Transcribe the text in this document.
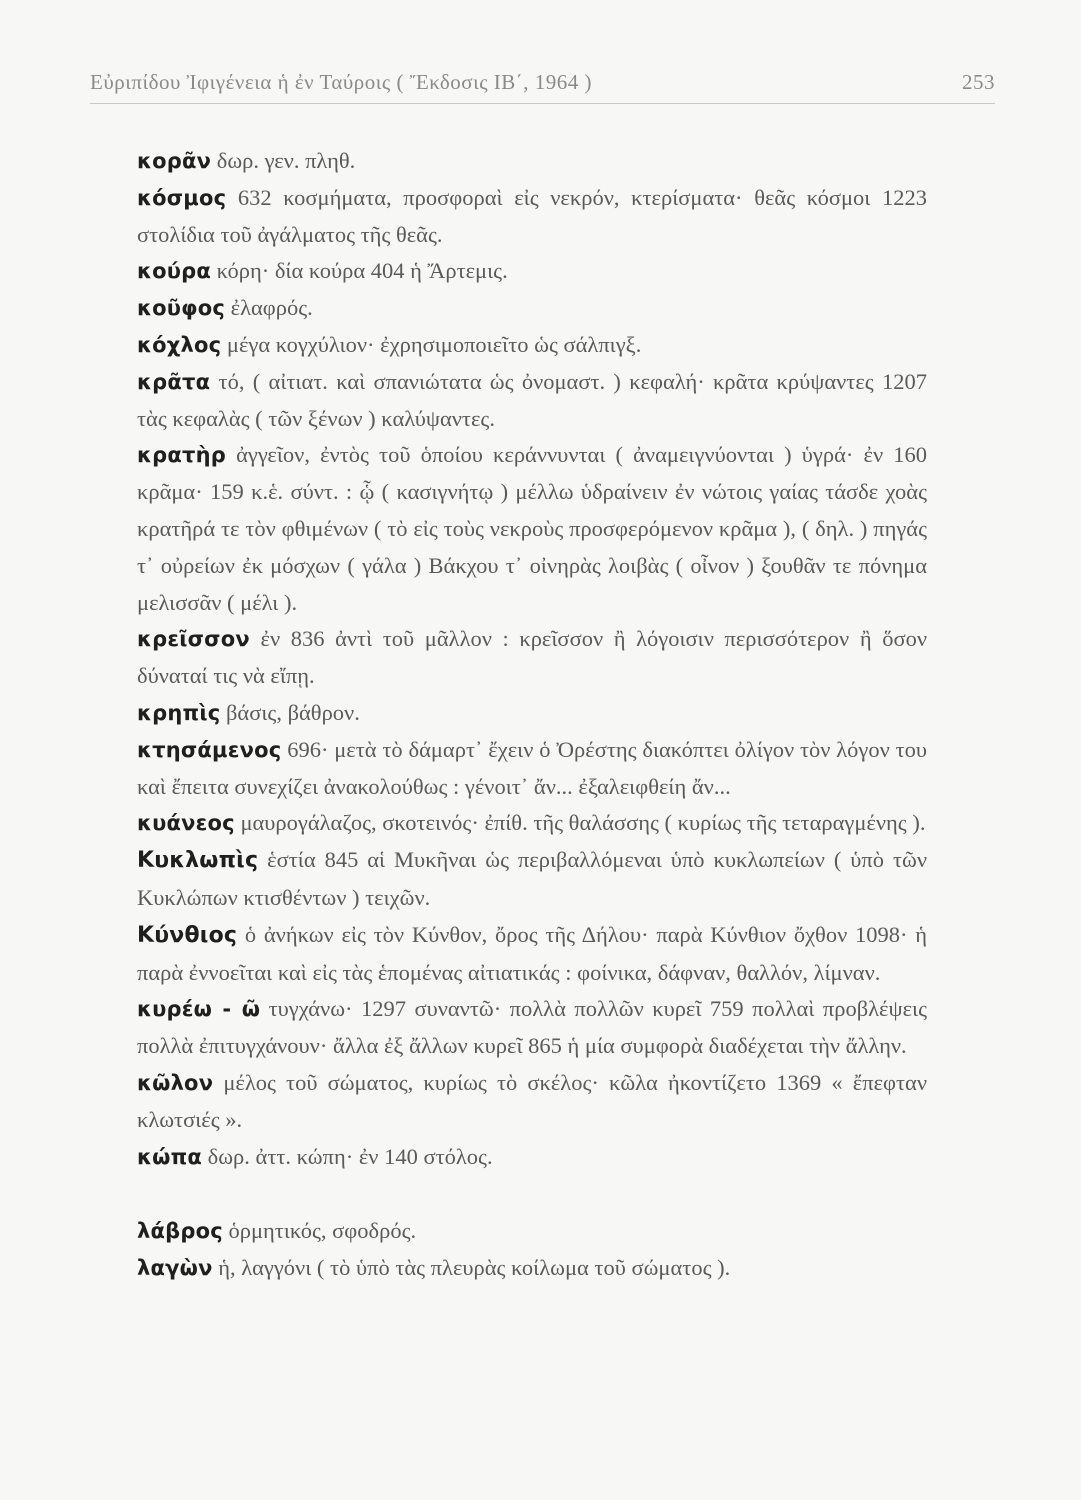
Εὐριπίδου Ἰφιγένεια ἡ ἐν Ταύροις ( Ἔκδοσις ΙΒ΄, 1964 )	253

κορᾶν δωρ. γεν. πληθ.

κόσμος 632 κοσμήματα, προσφοραὶ εἰς νεκρόν, κτερίσματα· θεᾶς κόσμοι 1223 στολίδια τοῦ ἀγάλματος τῆς θεᾶς.

κούρα κόρη· δία κούρα 404 ἡ Ἄρτεμις.

κοῦφος ἐλαφρός.

κόχλος μέγα κογχύλιον· ἐχρησιμοποιεῖτο ὡς σάλπιγξ.

κρᾶτα τό, ( αἰτιατ. καὶ σπανιώτατα ὡς ὀνομαστ. ) κεφαλή· κρᾶτα κρύψαντες 1207 τὰς κεφαλὰς ( τῶν ξένων ) καλύψαντες.

κρατὴρ ἀγγεῖον, ἐντὸς τοῦ ὁποίου κεράννυνται ( ἀναμειγνύονται ) ὑγρά· ἐν 160 κρᾶμα· 159 κ.ἑ. σύντ. : ᾧ ( κασιγνήτῳ ) μέλλω ὑδραίνειν ἐν νώτοις γαίας τάσδε χοὰς κρατῆρά τε τὸν φθιμένων ( τὸ εἰς τοὺς νεκροὺς προσφερόμενον κρᾶμα ), ( δηλ. ) πηγάς τ᾽ οὐρείων ἐκ μόσχων ( γάλα ) Βάκχου τ᾽ οἰνηρὰς λοιβὰς ( οἶνον ) ξουθᾶν τε πόνημα μελισσᾶν ( μέλι ).

κρεῖσσον ἐν 836 ἀντὶ τοῦ μᾶλλον : κρεῖσσον ἢ λόγοισιν περισσότερον ἢ ὅσον δύναταί τις νὰ εἴπῃ.

κρηπὶς βάσις, βάθρον.

κτησάμενος 696· μετὰ τὸ δάμαρτ᾽ ἔχειν ὁ Ὀρέστης διακόπτει ὀλίγον τὸν λόγον του καὶ ἔπειτα συνεχίζει ἀνακολούθως : γένοιτ᾽ ἄν... ἐξαλειφθείη ἄν...

κυάνεος μαυρογάλαζος, σκοτεινός· ἐπίθ. τῆς θαλάσσης ( κυρίως τῆς τεταραγμένης ).

Κυκλωπὶς ἑστία 845 αἱ Μυκῆναι ὡς περιβαλλόμεναι ὑπὸ κυκλωπείων ( ὑπὸ τῶν Κυκλώπων κτισθέντων ) τειχῶν.

Κύνθιος ὁ ἀνήκων εἰς τὸν Κύνθον, ὄρος τῆς Δήλου· παρὰ Κύνθιον ὄχθον 1098· ἡ παρὰ ἐννοεῖται καὶ εἰς τὰς ἑπομένας αἰτιατικάς : φοίνικα, δάφναν, θαλλόν, λίμναν.

κυρέω - ῶ τυγχάνω· 1297 συναντῶ· πολλὰ πολλῶν κυρεῖ 759 πολλαὶ προβλέψεις πολλὰ ἐπιτυγχάνουν· ἄλλα ἐξ ἄλλων κυρεῖ 865 ἡ μία συμφορὰ διαδέχεται τὴν ἄλλην.

κῶλον μέλος τοῦ σώματος, κυρίως τὸ σκέλος· κῶλα ἠκοντίζετο 1369 « ἔπεφταν κλωτσιές ».

κώπα δωρ. ἀττ. κώπη· ἐν 140 στόλος.

λάβρος ὁρμητικός, σφοδρός.

λαγὼν ἡ, λαγγόνι ( τὸ ὑπὸ τὰς πλευρὰς κοίλωμα τοῦ σώματος ).
